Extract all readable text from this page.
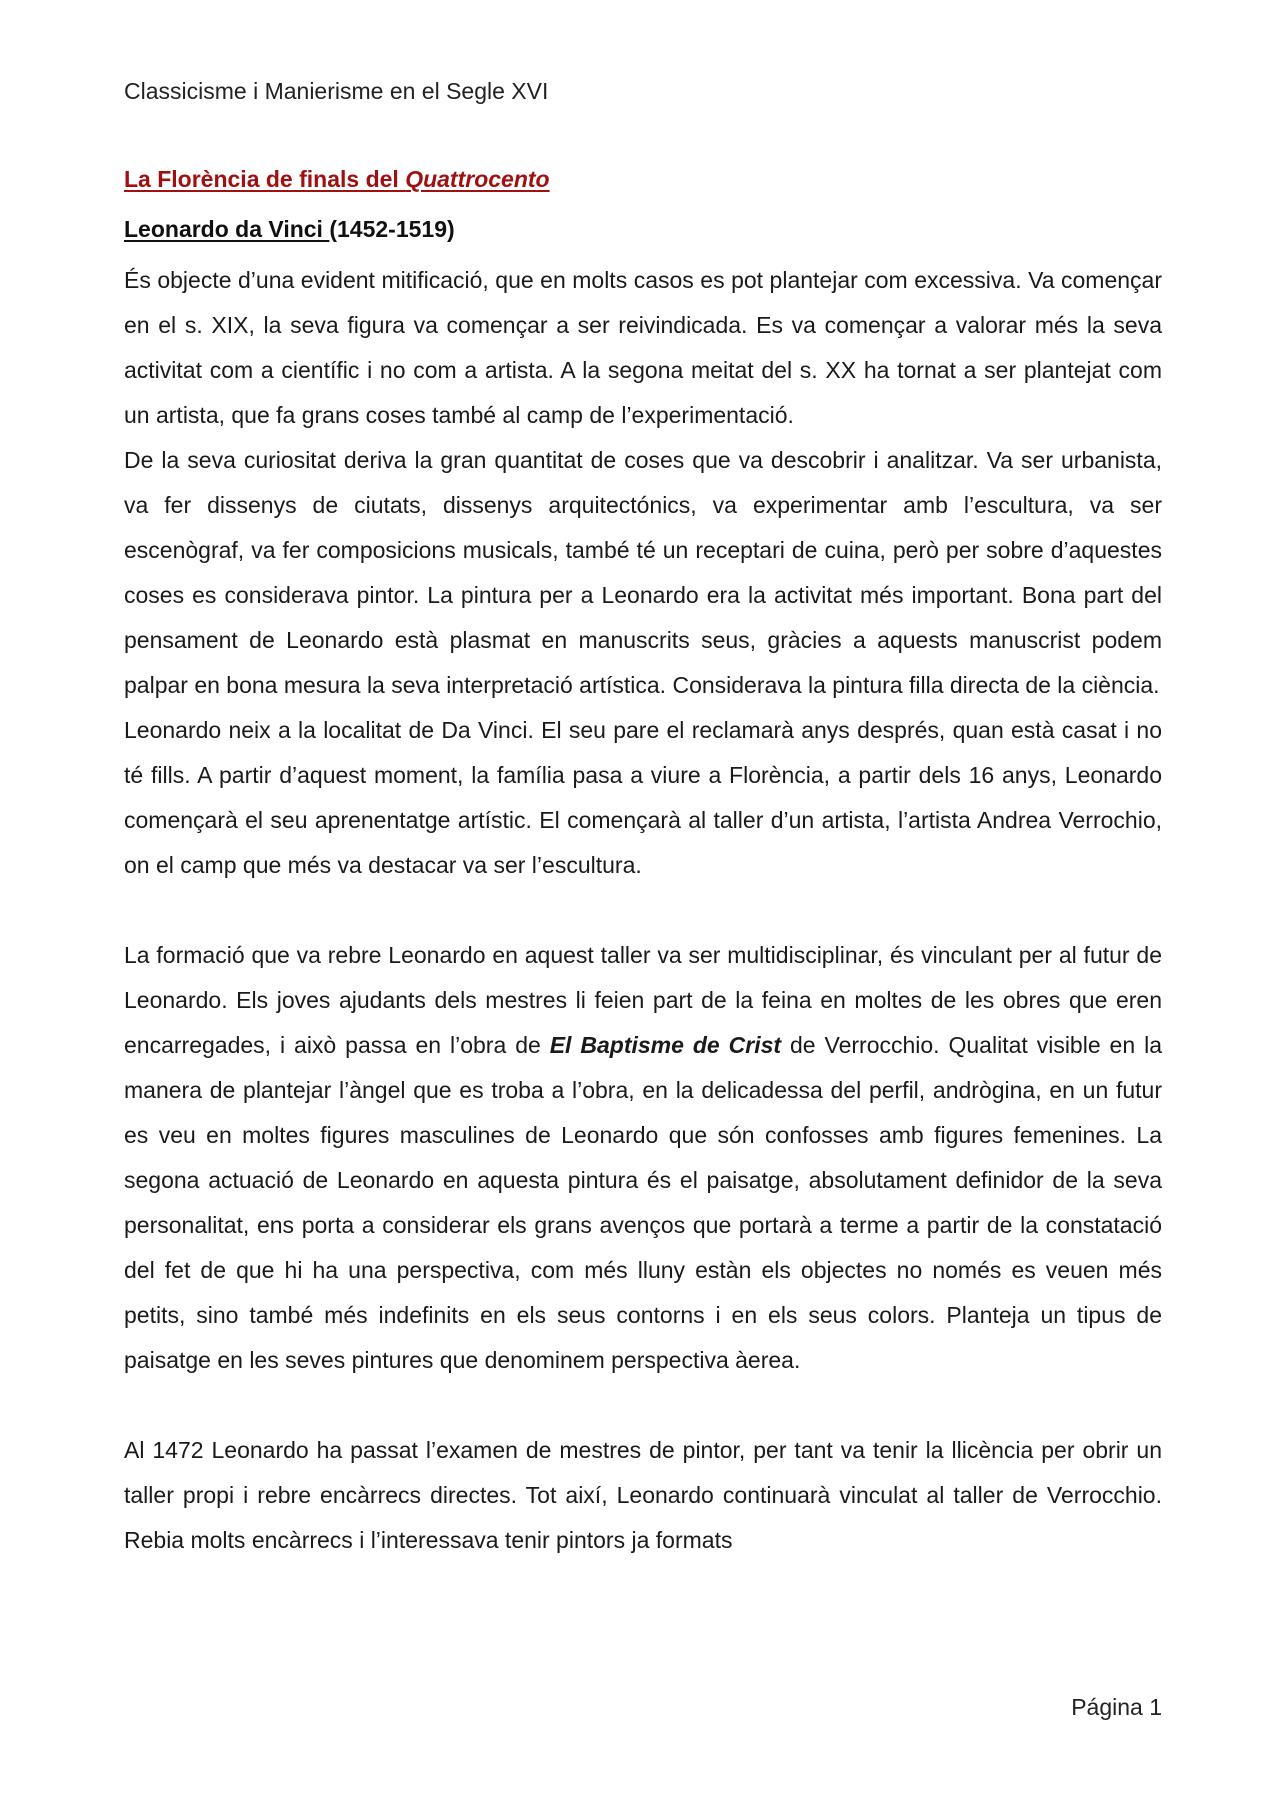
Classicisme i Manierisme en el Segle XVI
La Florència de finals del Quattrocento
Leonardo da Vinci (1452-1519)

És objecte d’una evident mitificació, que en molts casos es pot plantejar com excessiva. Va començar en el s. XIX, la seva figura va començar a ser reivindicada. Es va començar a valorar més la seva activitat com a científic i no com a artista. A la segona meitat del s. XX ha tornat a ser plantejat com un artista, que fa grans coses també al camp de l’experimentació.

De la seva curiositat deriva la gran quantitat de coses que va descobrir i analitzar. Va ser urbanista, va fer dissenys de ciutats, dissenys arquitectónics, va experimentar amb l’escultura, va ser escenògraf, va fer composicions musicals, també té un receptari de cuina, però per sobre d’aquestes coses es considerava pintor. La pintura per a Leonardo era la activitat més important. Bona part del pensament de Leonardo està plasmat en manuscrits seus, gràcies a aquests manuscrist podem palpar en bona mesura la seva interpretació artística. Considerava la pintura filla directa de la ciència.

Leonardo neix a la localitat de Da Vinci. El seu pare el reclamarà anys després, quan està casat i no té fills. A partir d’aquest moment, la família pasa a viure a Florència, a partir dels 16 anys, Leonardo començarà el seu aprenentatge artístic. El començarà al taller d’un artista, l’artista Andrea Verrochio, on el camp que més va destacar va ser l’escultura.

La formació que va rebre Leonardo en aquest taller va ser multidisciplinar, és vinculant per al futur de Leonardo. Els joves ajudants dels mestres li feien part de la feina en moltes de les obres que eren encarregades, i això passa en l’obra de El Baptisme de Crist de Verrocchio. Qualitat visible en la manera de plantejar l’àngel que es troba a l’obra, en la delicadessa del perfil, andrògina, en un futur es veu en moltes figures masculines de Leonardo que són confosses amb figures femenines. La segona actuació de Leonardo en aquesta pintura és el paisatge, absolutament definidor de la seva personalitat, ens porta a considerar els grans avenços que portarà a terme a partir de la constatació del fet de que hi ha una perspectiva, com més lluny estàn els objectes no només es veuen més petits, sino també més indefinits en els seus contorns i en els seus colors. Planteja un tipus de paisatge en les seves pintures que denominem perspectiva àerea.

Al 1472 Leonardo ha passat l’examen de mestres de pintor, per tant va tenir la llicència per obrir un taller propi i rebre encàrrecs directes. Tot així, Leonardo continuarà vinculat al taller de Verrocchio. Rebia molts encàrrecs i l’interessava tenir pintors ja formats

Página 1
